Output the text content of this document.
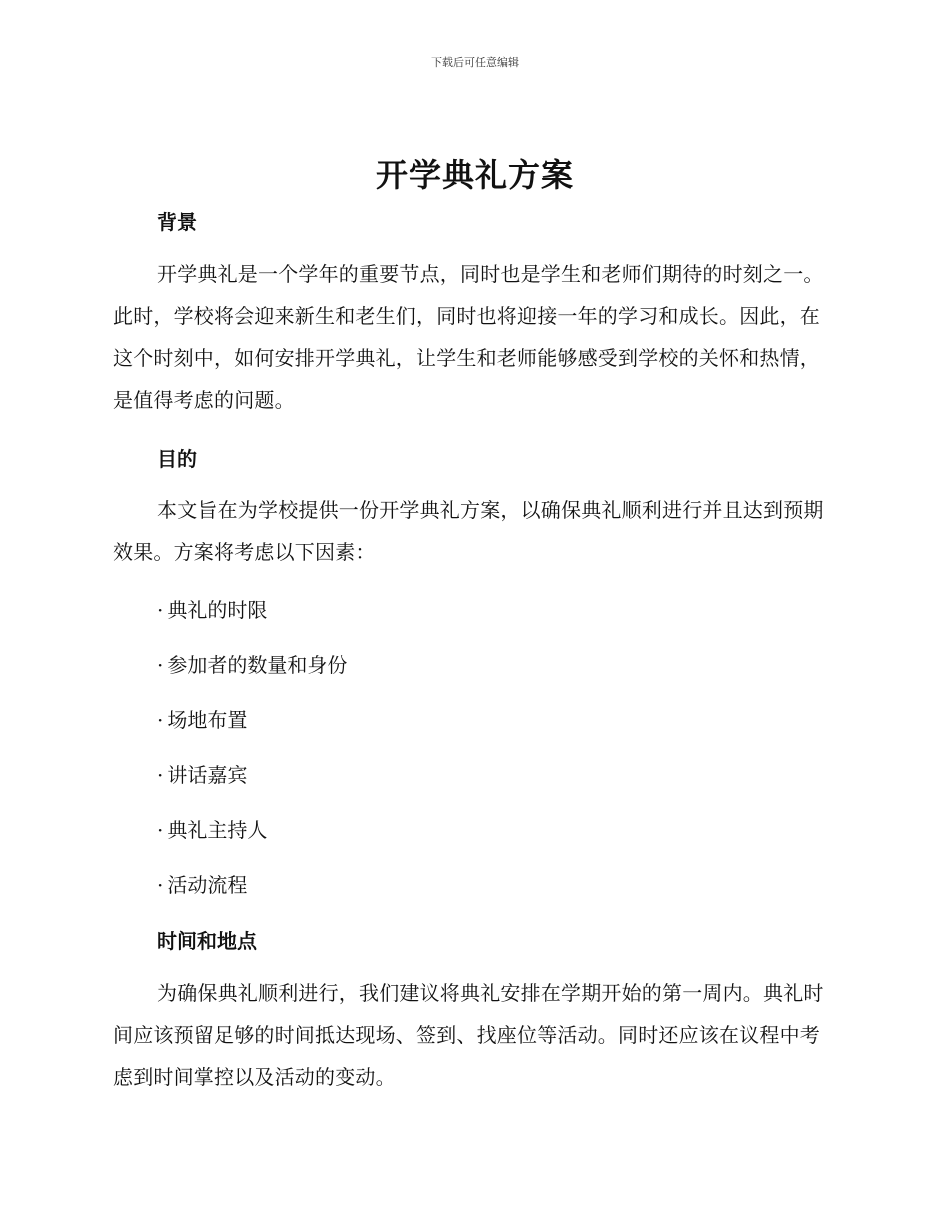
下载后可任意编辑
开学典礼方案
背景

开学典礼是一个学年的重要节点，同时也是学生和老师们期待的时刻之一。此时，学校将会迎来新生和老生们，同时也将迎接一年的学习和成长。因此，在这个时刻中，如何安排开学典礼，让学生和老师能够感受到学校的关怀和热情，是值得考虑的问题。

目的

本文旨在为学校提供一份开学典礼方案，以确保典礼顺利进行并且达到预期效果。方案将考虑以下因素：

· 典礼的时限

· 参加者的数量和身份

· 场地布置

· 讲话嘉宾

· 典礼主持人

· 活动流程

时间和地点

为确保典礼顺利进行，我们建议将典礼安排在学期开始的第一周内。典礼时间应该预留足够的时间抵达现场、签到、找座位等活动。同时还应该在议程中考虑到时间掌控以及活动的变动。
